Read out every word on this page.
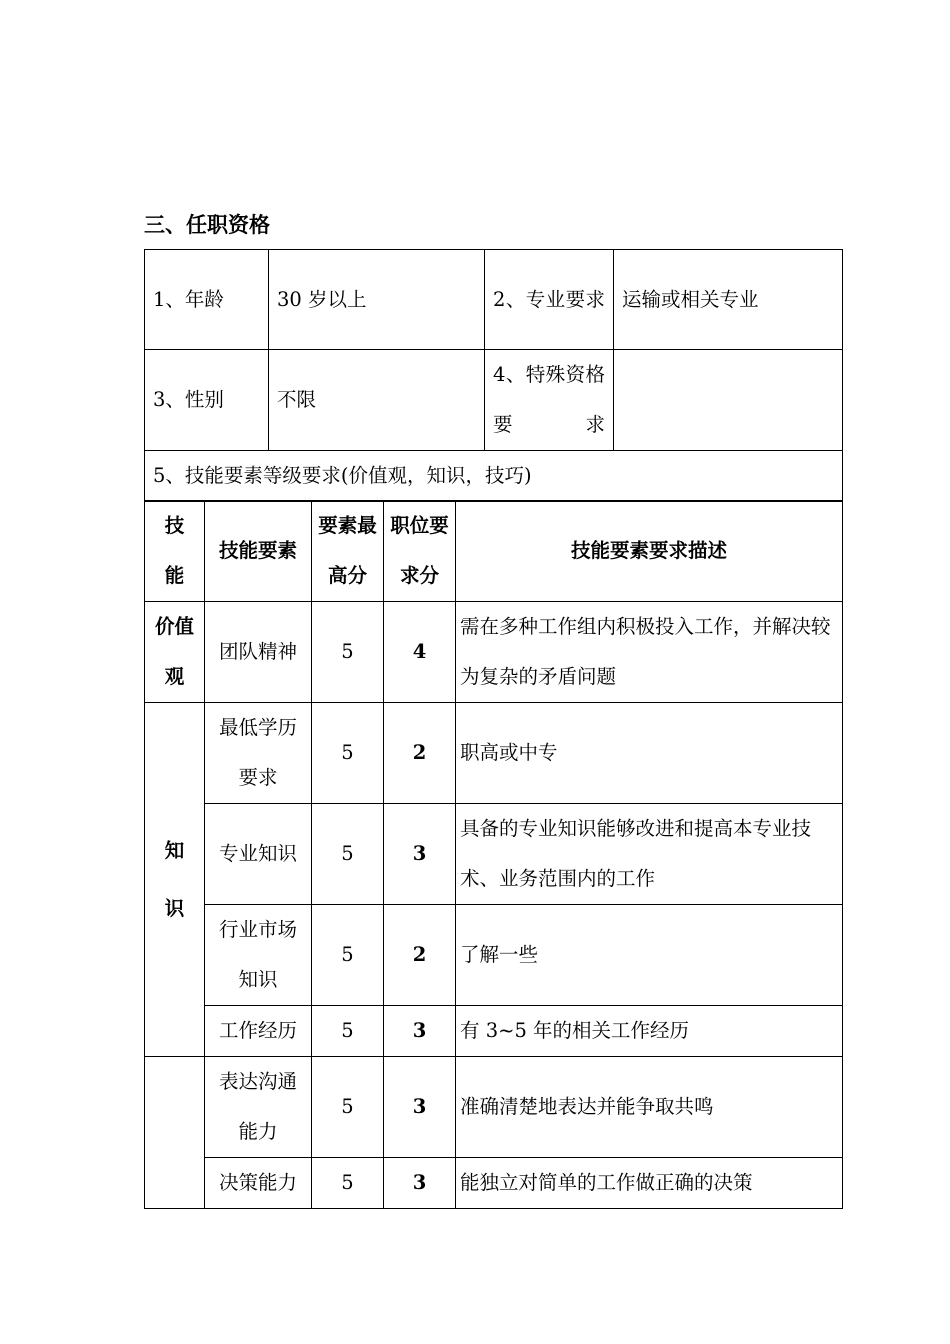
三、任职资格
1、年龄	30 岁以上	2、专业要求	运输或相关专业
3、性别	不限	4、特殊资格要求	
5、技能要素等级要求(价值观，知识，技巧)			
技能	技能要素	要素最高分	职位要求分	技能要素要求描述

价值观	团队精神	5	4	需在多种工作组内积极投入工作，并解决较为复杂的矛盾问题

知识	最低学历要求	5	2	职高或中专
	专业知识	5	3	具备的专业知识能够改进和提高本专业技术、业务范围内的工作

	行业市场知识	5	2	了解一些
	工作经历	5	3	有 3~5 年的相关工作经历

	表达沟通能力	5	3	准确清楚地表达并能争取共鸣
	决策能力	5	3	能独立对简单的工作做正确的决策
